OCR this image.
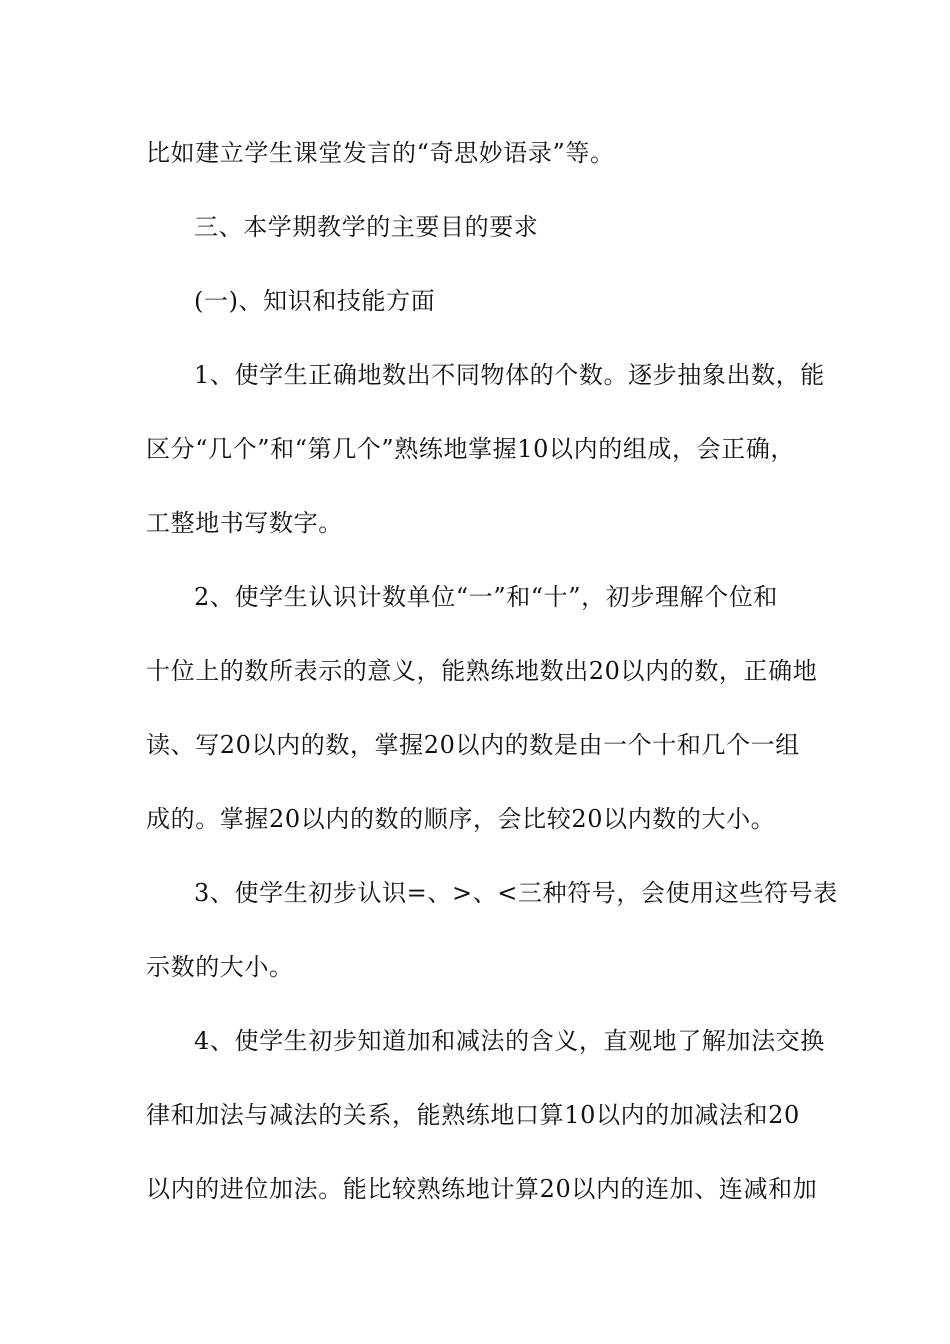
比如建立学生课堂发言的“奇思妙语录”等。
三、本学期教学的主要目的要求
(一)、知识和技能方面
1、使学生正确地数出不同物体的个数。逐步抽象出数，能
区分“几个”和“第几个”熟练地掌握10以内的组成，会正确，
工整地书写数字。
2、使学生认识计数单位“一”和“十”，初步理解个位和
十位上的数所表示的意义，能熟练地数出20以内的数，正确地
读、写20以内的数，掌握20以内的数是由一个十和几个一组
成的。掌握20以内的数的顺序，会比较20以内数的大小。
3、使学生初步认识=、>、<三种符号，会使用这些符号表
示数的大小。
4、使学生初步知道加和减法的含义，直观地了解加法交换
律和加法与减法的关系，能熟练地口算10以内的加减法和20
以内的进位加法。能比较熟练地计算20以内的连加、连减和加
